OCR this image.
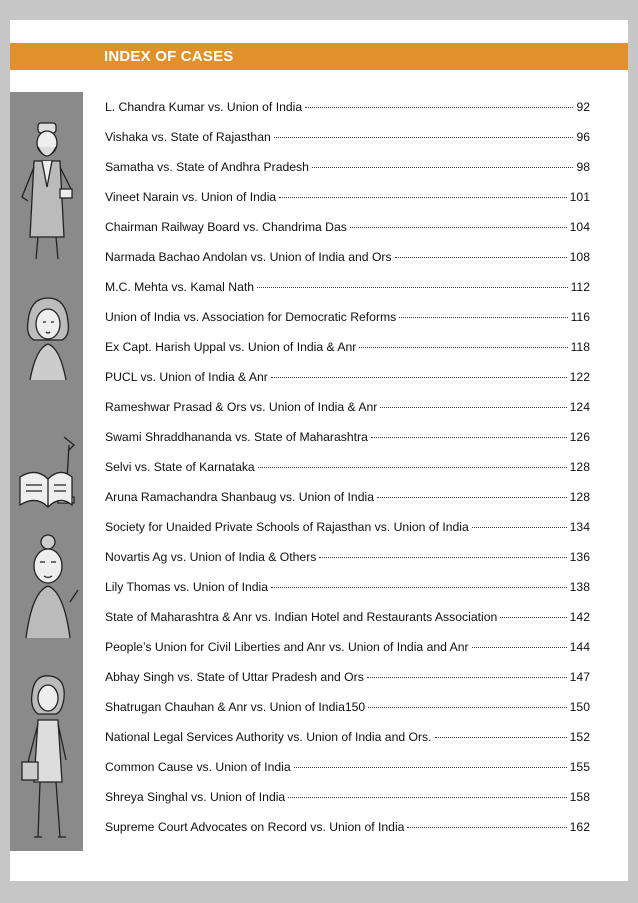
INDEX OF CASES
L. Chandra Kumar vs. Union of India	92
Vishaka vs. State of Rajasthan	96
Samatha vs. State of Andhra Pradesh	98
Vineet Narain vs. Union of India	101
Chairman Railway Board vs. Chandrima Das	104
Narmada Bachao Andolan vs. Union of India and Ors	108
M.C. Mehta vs. Kamal Nath	112
Union of India vs. Association for Democratic Reforms	116
Ex Capt. Harish Uppal vs. Union of India & Anr	118
PUCL vs. Union of India & Anr	122
Rameshwar Prasad & Ors vs. Union of India & Anr	124
Swami Shraddhananda vs. State of Maharashtra	126
Selvi vs. State of Karnataka	128
Aruna Ramachandra Shanbaug vs. Union of India	128
Society for Unaided Private Schools of Rajasthan vs. Union of India	134
Novartis Ag vs. Union of India & Others	136
Lily Thomas vs. Union of India	138
State of Maharashtra & Anr vs. Indian Hotel and Restaurants Association	142
People’s Union for Civil Liberties and Anr vs. Union of India and Anr	144
Abhay Singh vs. State of Uttar Pradesh and Ors	147
Shatrugan Chauhan & Anr vs. Union of India150	150
National Legal Services Authority vs. Union of India and Ors.	152
Common Cause vs. Union of India	155
Shreya Singhal vs. Union of India	158
Supreme Court Advocates on Record vs. Union of India	162
